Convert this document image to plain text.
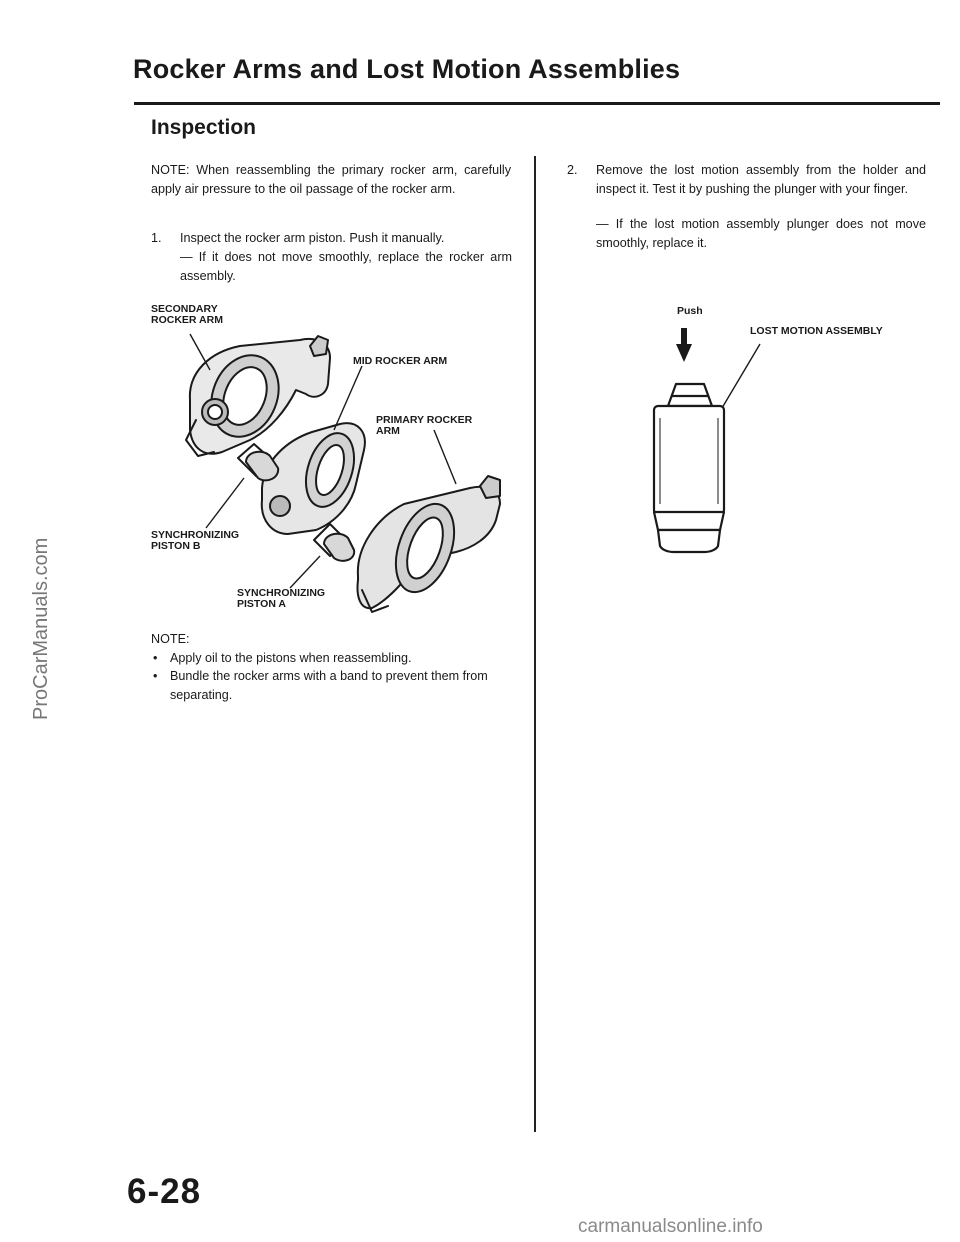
Rocker Arms and Lost Motion Assemblies
Inspection
NOTE: When reassembling the primary rocker arm, carefully apply air pressure to the oil passage of the rocker arm.
1. Inspect the rocker arm piston. Push it manually.
— If it does not move smoothly, replace the rocker arm assembly.
SECONDARY
ROCKER ARM
MID ROCKER ARM
PRIMARY ROCKER
ARM
SYNCHRONIZING
PISTON B
SYNCHRONIZING
PISTON A
NOTE:
• Apply oil to the pistons when reassembling.
• Bundle the rocker arms with a band to prevent them from separating.
2. Remove the lost motion assembly from the holder and inspect it. Test it by pushing the plunger with your finger.
— If the lost motion assembly plunger does not move smoothly, replace it.
Push
LOST MOTION ASSEMBLY
6-28
ProCarManuals.com
carmanualsonline.info
